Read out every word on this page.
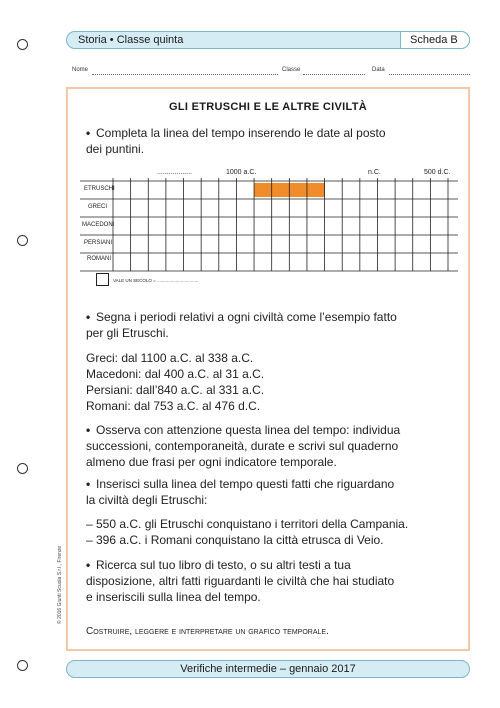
Storia • Classe quinta	Scheda B
Nome	Classe	Data
GLI ETRUSCHI E LE ALTRE CIVILTÀ
• Completa la linea del tempo inserendo le date al posto
dei puntini.
..................	1000 a.C.	n.C.	500 d.C.
ETRUSCHI
GRECI
MACEDONI
PERSIANI
ROMANI
VALE UN SECOLO = .................................
• Segna i periodi relativi a ogni civiltà come l’esempio fatto
per gli Etruschi.
Greci: dal 1100 a.C. al 338 a.C.
Macedoni: dal 400 a.C. al 31 a.C.
Persiani: dall’840 a.C. al 331 a.C.
Romani: dal 753 a.C. al 476 d.C.
• Osserva con attenzione questa linea del tempo: individua
successioni, contemporaneità, durate e scrivi sul quaderno
almeno due frasi per ogni indicatore temporale.
• Inserisci sulla linea del tempo questi fatti che riguardano
la civiltà degli Etruschi:
– 550 a.C. gli Etruschi conquistano i territori della Campania.
– 396 a.C. i Romani conquistano la città etrusca di Veio.
• Ricerca sul tuo libro di testo, o su altri testi a tua
disposizione, altri fatti riguardanti le civiltà che hai studiato
e inseriscili sulla linea del tempo.
Costruire, leggere e interpretare un grafico temporale.
© 2016 Giunti Scuola S.r.l., Firenze
Verifiche intermedie – gennaio 2017
